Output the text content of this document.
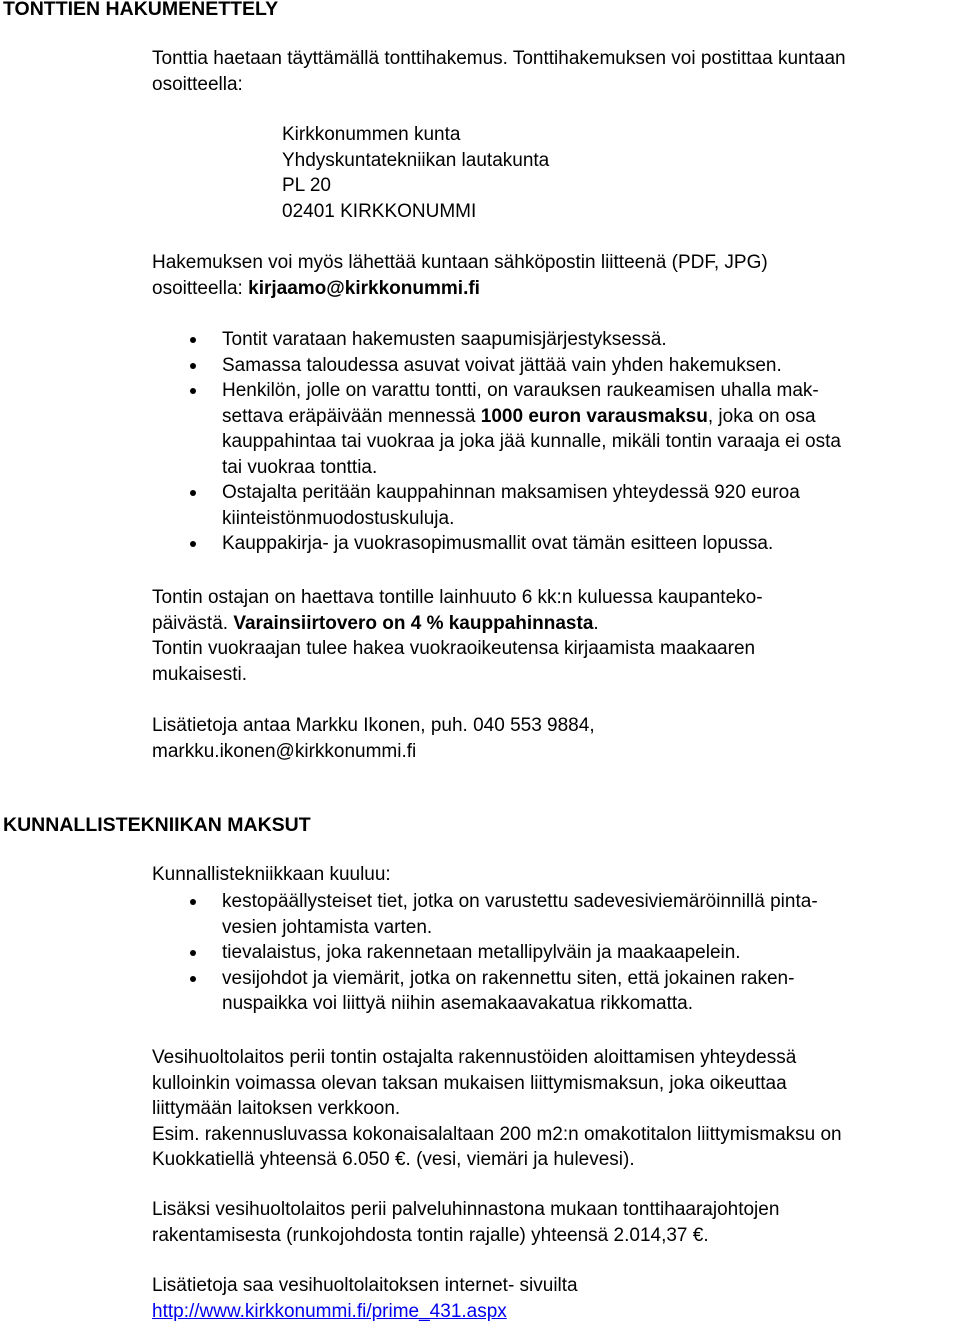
TONTTIEN HAKUMENETTELY

Tonttia haetaan täyttämällä tonttihakemus. Tonttihakemuksen voi postittaa kuntaan
osoitteella:

Kirkkonummen kunta
Yhdyskuntatekniikan lautakunta
PL 20
02401 KIRKKONUMMI

Hakemuksen voi myös lähettää kuntaan sähköpostin liitteenä (PDF, JPG)
osoitteella: kirjaamo@kirkkonummi.fi

Tontit varataan hakemusten saapumisjärjestyksessä.
Samassa taloudessa asuvat voivat jättää vain yhden hakemuksen.
Henkilön, jolle on varattu tontti, on varauksen raukeamisen uhalla mak-
settava eräpäivään mennessä 1000 euron varausmaksu, joka on osa
kauppahintaa tai vuokraa ja joka jää kunnalle, mikäli tontin varaaja ei osta
tai vuokraa tonttia.
Ostajalta peritään kauppahinnan maksamisen yhteydessä 920 euroa
kiinteistönmuodostuskuluja.
Kauppakirja- ja vuokrasopimusmallit ovat tämän esitteen lopussa.

Tontin ostajan on haettava tontille lainhuuto 6 kk:n kuluessa kaupanteko-
päivästä. Varainsiirtovero on 4 % kauppahinnasta.
Tontin vuokraajan tulee hakea vuokraoikeutensa kirjaamista maakaaren
mukaisesti.

Lisätietoja antaa Markku Ikonen, puh. 040 553 9884,
markku.ikonen@kirkkonummi.fi

KUNNALLISTEKNIIKAN MAKSUT

Kunnallistekniikkaan kuuluu:

kestopäällysteiset tiet, jotka on varustettu sadevesiviemäröinnillä pinta-
vesien johtamista varten.
tievalaistus, joka rakennetaan metallipylväin ja maakaapelein.
vesijohdot ja viemärit, jotka on rakennettu siten, että jokainen raken-
nuspaikka voi liittyä niihin asemakaavakatua rikkomatta.

Vesihuoltolaitos perii tontin ostajalta rakennustöiden aloittamisen yhteydessä
kulloinkin voimassa olevan taksan mukaisen liittymismaksun, joka oikeuttaa
liittymään laitoksen verkkoon.
Esim. rakennusluvassa kokonaisalaltaan 200 m2:n omakotitalon liittymismaksu on
Kuokkatiellä yhteensä 6.050 €. (vesi, viemäri ja hulevesi).

Lisäksi vesihuoltolaitos perii palveluhinnastona mukaan tonttihaarajohtojen
rakentamisesta (runkojohdosta tontin rajalle) yhteensä 2.014,37 €.

Lisätietoja saa vesihuoltolaitoksen internet- sivuilta
http://www.kirkkonummi.fi/prime_431.aspx
